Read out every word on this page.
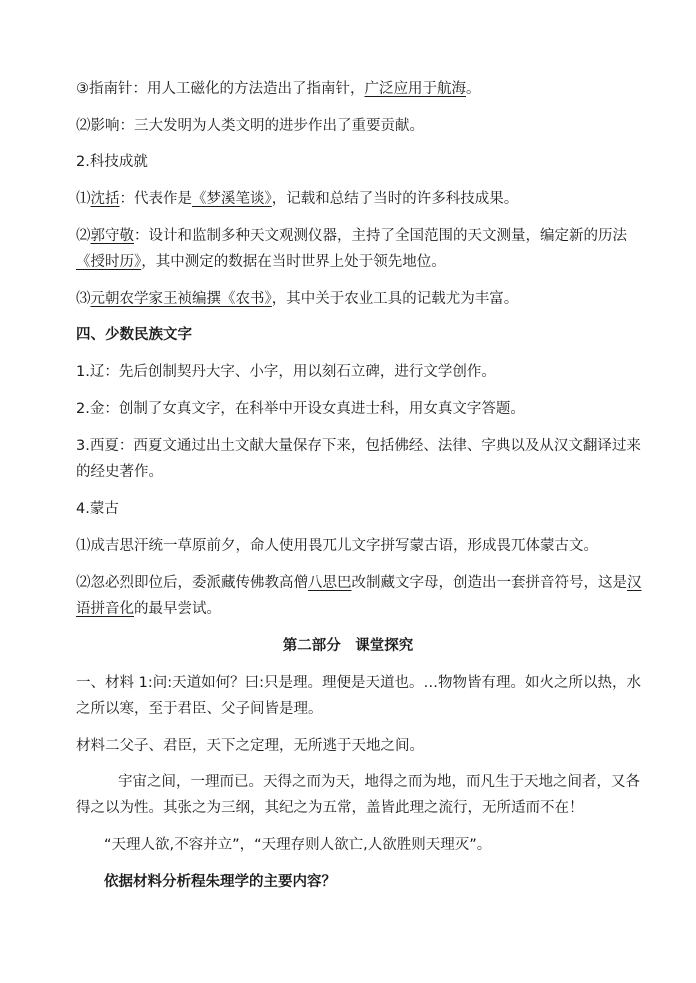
③指南针：用人工磁化的方法造出了指南针，广泛应用于航海。
⑵影响：三大发明为人类文明的进步作出了重要贡献。
2.科技成就
⑴沈括：代表作是《梦溪笔谈》，记载和总结了当时的许多科技成果。
⑵郭守敬：设计和监制多种天文观测仪器，主持了全国范围的天文测量，编定新的历法
《授时历》，其中测定的数据在当时世界上处于领先地位。
⑶元朝农学家王祯编撰《农书》，其中关于农业工具的记载尤为丰富。
四、少数民族文字
1.辽：先后创制契丹大字、小字，用以刻石立碑，进行文学创作。
2.金：创制了女真文字，在科举中开设女真进士科，用女真文字答题。
3.西夏：西夏文通过出土文献大量保存下来，包括佛经、法律、字典以及从汉文翻译过来
的经史著作。
4.蒙古
⑴成吉思汗统一草原前夕，命人使用畏兀儿文字拼写蒙古语，形成畏兀体蒙古文。
⑵忽必烈即位后，委派藏传佛教高僧八思巴改制藏文字母，创造出一套拼音符号，这是汉
语拼音化的最早尝试。
第二部分　课堂探究
一、材料 1:问:天道如何？曰:只是理。理便是天道也。…物物皆有理。如火之所以热，水
之所以寒，至于君臣、父子间皆是理。
材料二父子、君臣，天下之定理，无所逃于天地之间。
宇宙之间，一理而已。天得之而为天，地得之而为地，而凡生于天地之间者，又各
得之以为性。其张之为三纲，其纪之为五常，盖皆此理之流行，无所适而不在！
“天理人欲,不容并立”，“天理存则人欲亡,人欲胜则天理灭”。
依据材料分析程朱理学的主要内容？
